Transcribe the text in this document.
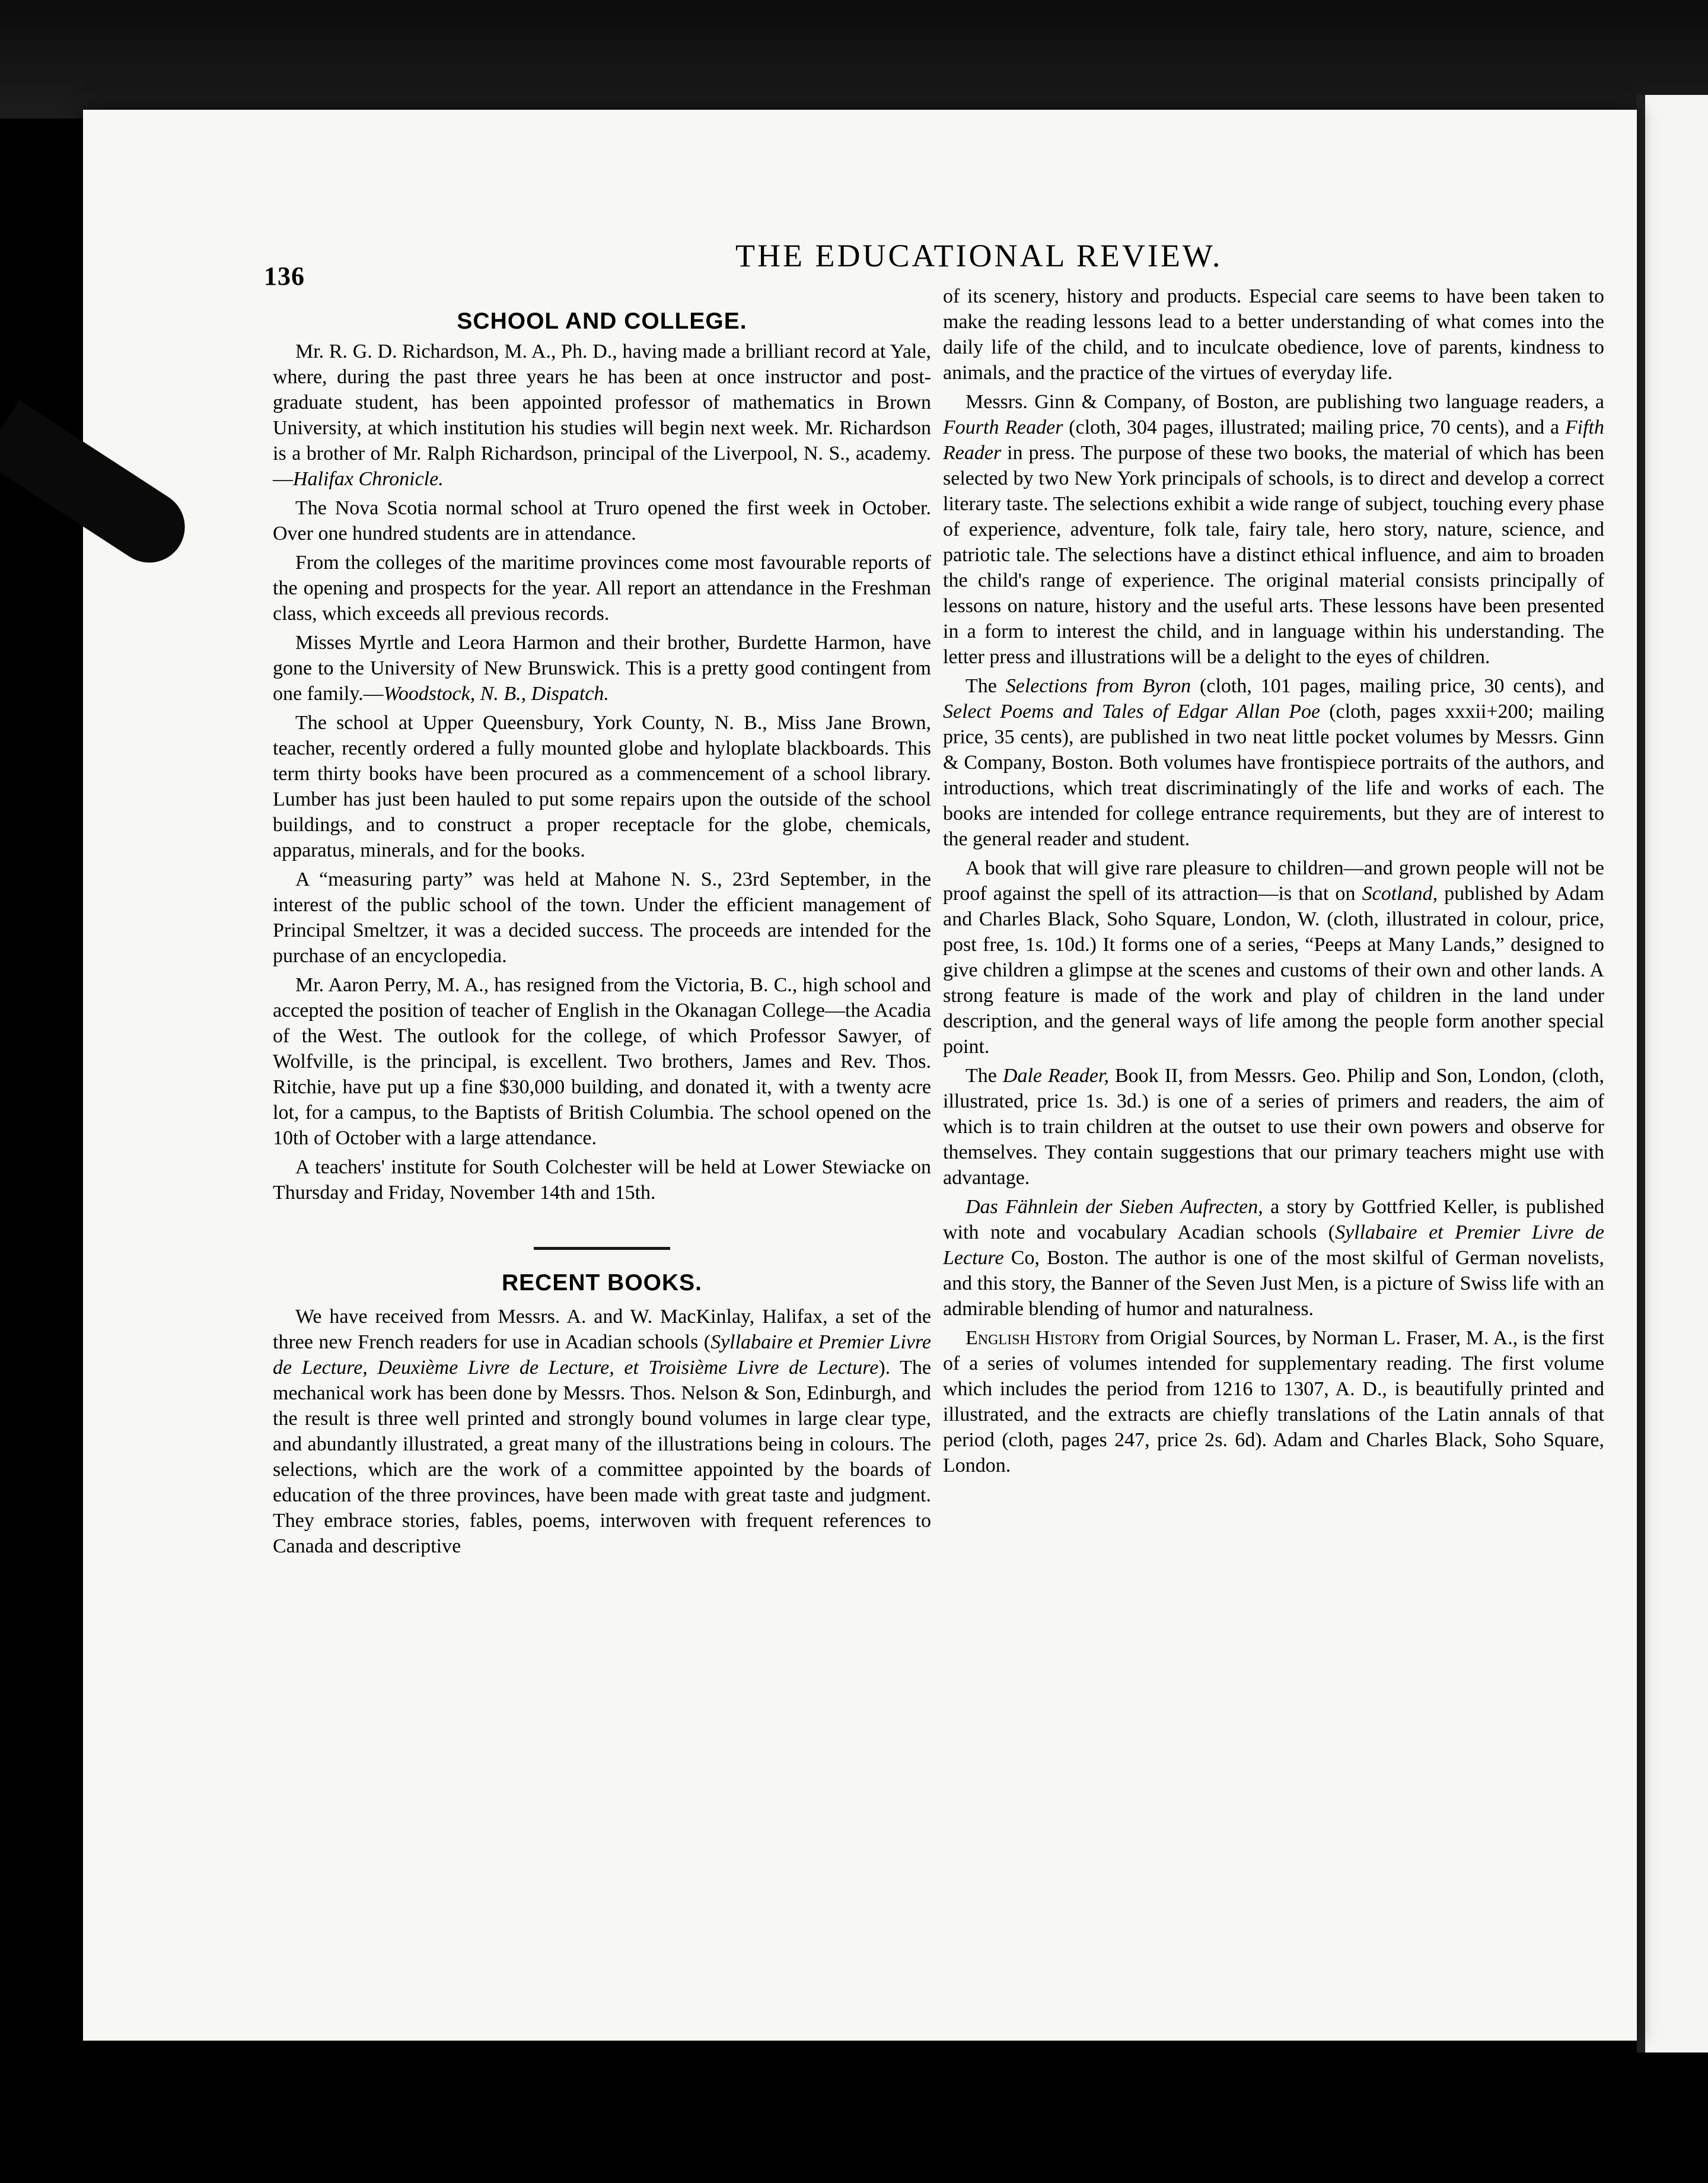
136
THE EDUCATIONAL REVIEW.
SCHOOL AND COLLEGE.

Mr. R. G. D. Richardson, M. A., Ph. D., having made a brilliant record at Yale, where, during the past three years he has been at once instructor and post-graduate student, has been appointed professor of mathematics in Brown University, at which institution his studies will begin next week. Mr. Richardson is a brother of Mr. Ralph Richardson, principal of the Liverpool, N. S., academy.—Halifax Chronicle.

The Nova Scotia normal school at Truro opened the first week in October. Over one hundred students are in attendance.

From the colleges of the maritime provinces come most favourable reports of the opening and prospects for the year. All report an attendance in the Freshman class, which exceeds all previous records.

Misses Myrtle and Leora Harmon and their brother, Burdette Harmon, have gone to the University of New Brunswick. This is a pretty good contingent from one family.—Woodstock, N. B., Dispatch.

The school at Upper Queensbury, York County, N. B., Miss Jane Brown, teacher, recently ordered a fully mounted globe and hyloplate blackboards. This term thirty books have been procured as a commencement of a school library. Lumber has just been hauled to put some repairs upon the outside of the school buildings, and to construct a proper receptacle for the globe, chemicals, apparatus, minerals, and for the books.

A “measuring party” was held at Mahone N. S., 23rd September, in the interest of the public school of the town. Under the efficient management of Principal Smeltzer, it was a decided success. The proceeds are intended for the purchase of an encyclopedia.

Mr. Aaron Perry, M. A., has resigned from the Victoria, B. C., high school and accepted the position of teacher of English in the Okanagan College—the Acadia of the West. The outlook for the college, of which Professor Sawyer, of Wolfville, is the principal, is excellent. Two brothers, James and Rev. Thos. Ritchie, have put up a fine $30,000 building, and donated it, with a twenty acre lot, for a campus, to the Baptists of British Columbia. The school opened on the 10th of October with a large attendance.

A teachers' institute for South Colchester will be held at Lower Stewiacke on Thursday and Friday, November 14th and 15th.

RECENT BOOKS.

We have received from Messrs. A. and W. MacKinlay, Halifax, a set of the three new French readers for use in Acadian schools (Syllabaire et Premier Livre de Lecture, Deuxième Livre de Lecture, et Troisième Livre de Lecture). The mechanical work has been done by Messrs. Thos. Nelson & Son, Edinburgh, and the result is three well printed and strongly bound volumes in large clear type, and abundantly illustrated, a great many of the illustrations being in colours. The selections, which are the work of a committee appointed by the boards of education of the three provinces, have been made with great taste and judgment. They embrace stories, fables, poems, interwoven with frequent references to Canada and descriptive

of its scenery, history and products. Especial care seems to have been taken to make the reading lessons lead to a better understanding of what comes into the daily life of the child, and to inculcate obedience, love of parents, kindness to animals, and the practice of the virtues of everyday life.

Messrs. Ginn & Company, of Boston, are publishing two language readers, a Fourth Reader (cloth, 304 pages, illustrated; mailing price, 70 cents), and a Fifth Reader in press. The purpose of these two books, the material of which has been selected by two New York principals of schools, is to direct and develop a correct literary taste. The selections exhibit a wide range of subject, touching every phase of experience, adventure, folk tale, fairy tale, hero story, nature, science, and patriotic tale. The selections have a distinct ethical influence, and aim to broaden the child's range of experience. The original material consists principally of lessons on nature, history and the useful arts. These lessons have been presented in a form to interest the child, and in language within his understanding. The letter press and illustrations will be a delight to the eyes of children.

The Selections from Byron (cloth, 101 pages, mailing price, 30 cents), and Select Poems and Tales of Edgar Allan Poe (cloth, pages xxxii+200; mailing price, 35 cents), are published in two neat little pocket volumes by Messrs. Ginn & Company, Boston. Both volumes have frontispiece portraits of the authors, and introductions, which treat discriminatingly of the life and works of each. The books are intended for college entrance requirements, but they are of interest to the general reader and student.

A book that will give rare pleasure to children—and grown people will not be proof against the spell of its attraction—is that on Scotland, published by Adam and Charles Black, Soho Square, London, W. (cloth, illustrated in colour, price, post free, 1s. 10d.) It forms one of a series, “Peeps at Many Lands,” designed to give children a glimpse at the scenes and customs of their own and other lands. A strong feature is made of the work and play of children in the land under description, and the general ways of life among the people form another special point.

The Dale Reader, Book II, from Messrs. Geo. Philip and Son, London, (cloth, illustrated, price 1s. 3d.) is one of a series of primers and readers, the aim of which is to train children at the outset to use their own powers and observe for themselves. They contain suggestions that our primary teachers might use with advantage.

Das Fähnlein der Sieben Aufrecten, a story by Gottfried Keller, is published with note and vocabulary Acadian schools (Syllabaire et Premier Livre de Lecture Co, Boston. The author is one of the most skilful of German novelists, and this story, the Banner of the Seven Just Men, is a picture of Swiss life with an admirable blending of humor and naturalness.

English History from Origial Sources, by Norman L. Fraser, M. A., is the first of a series of volumes intended for supplementary reading. The first volume which includes the period from 1216 to 1307, A. D., is beautifully printed and illustrated, and the extracts are chiefly translations of the Latin annals of that period (cloth, pages 247, price 2s. 6d). Adam and Charles Black, Soho Square, London.
